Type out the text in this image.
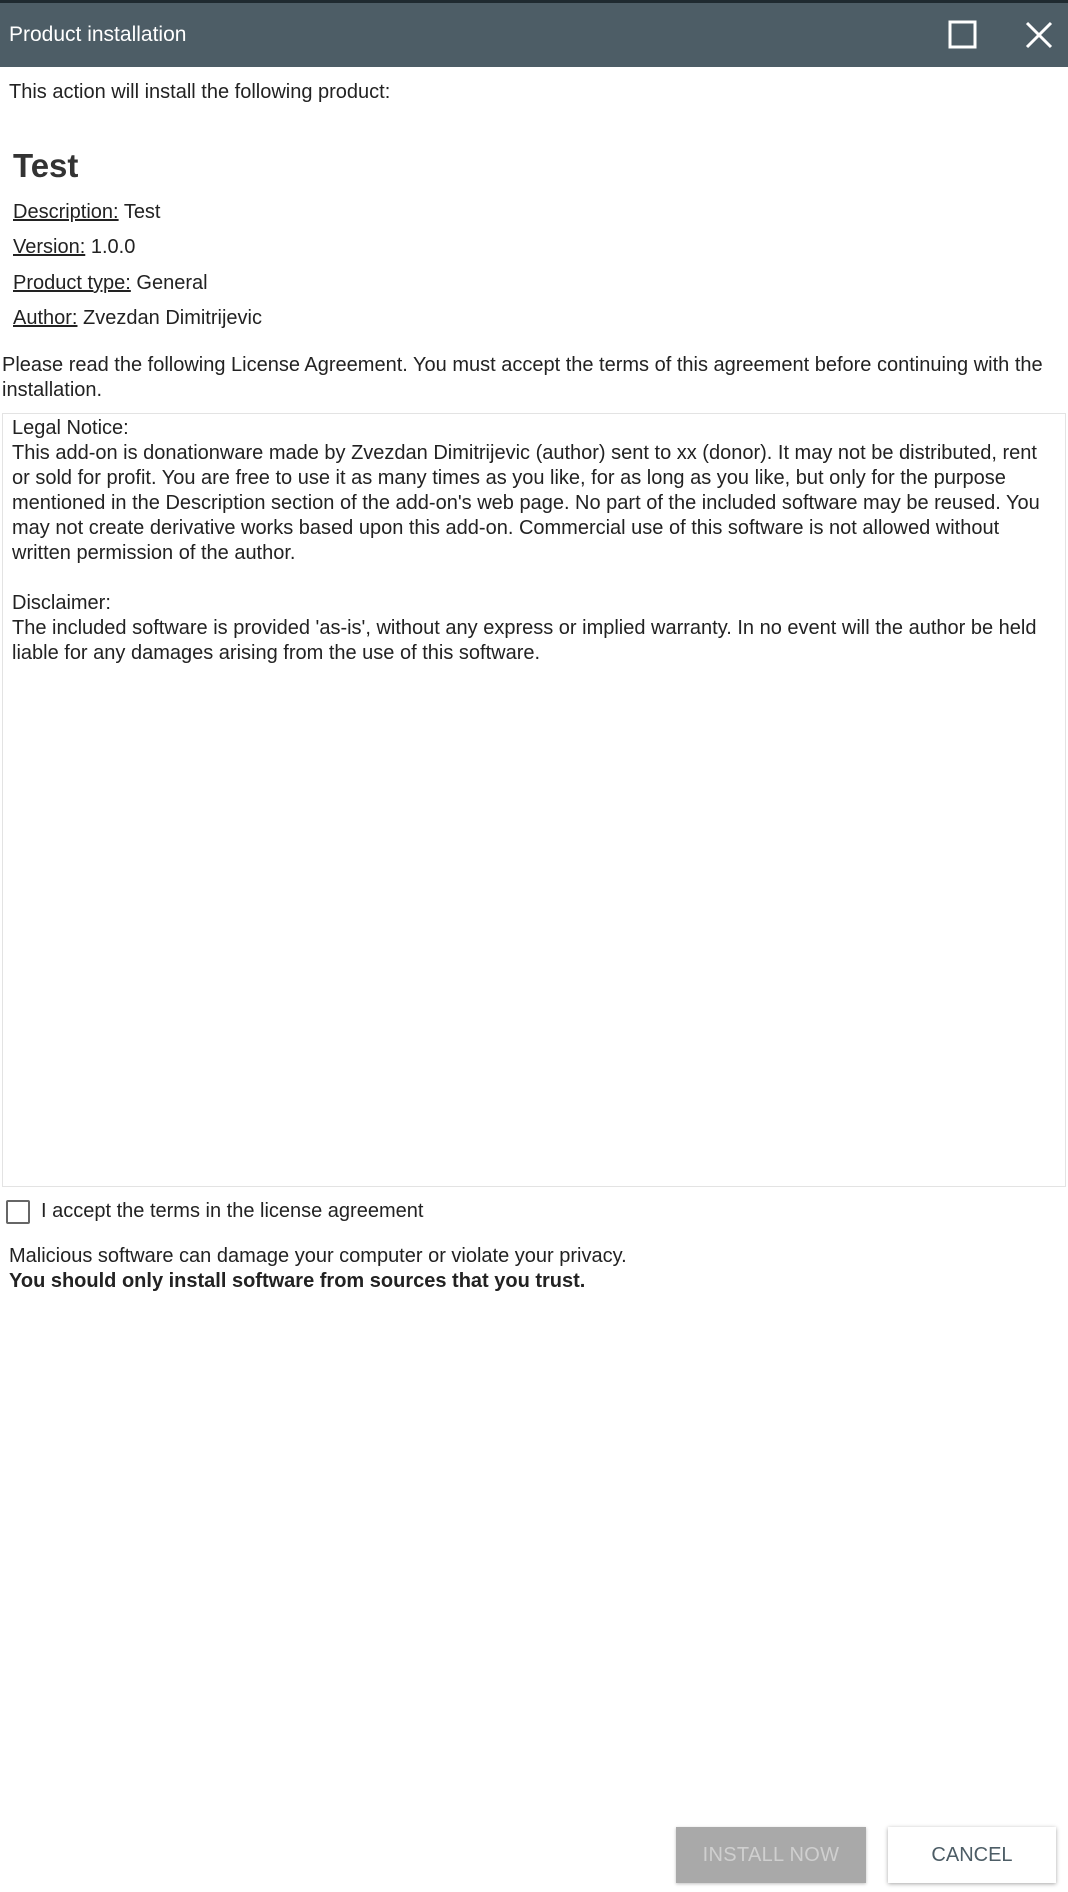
Product installation
This action will install the following product:
Test
Description: Test
Version: 1.0.0
Product type: General
Author: Zvezdan Dimitrijevic
Please read the following License Agreement. You must accept the terms of this agreement before continuing with the installation.
Legal Notice:
This add-on is donationware made by Zvezdan Dimitrijevic (author) sent to xx (donor). It may not be distributed, rent or sold for profit. You are free to use it as many times as you like, for as long as you like, but only for the purpose mentioned in the Description section of the add-on's web page. No part of the included software may be reused. You may not create derivative works based upon this add-on. Commercial use of this software is not allowed without written permission of the author.

Disclaimer:
The included software is provided 'as-is', without any express or implied warranty. In no event will the author be held liable for any damages arising from the use of this software.
I accept the terms in the license agreement
Malicious software can damage your computer or violate your privacy.
You should only install software from sources that you trust.
INSTALL NOW	CANCEL
